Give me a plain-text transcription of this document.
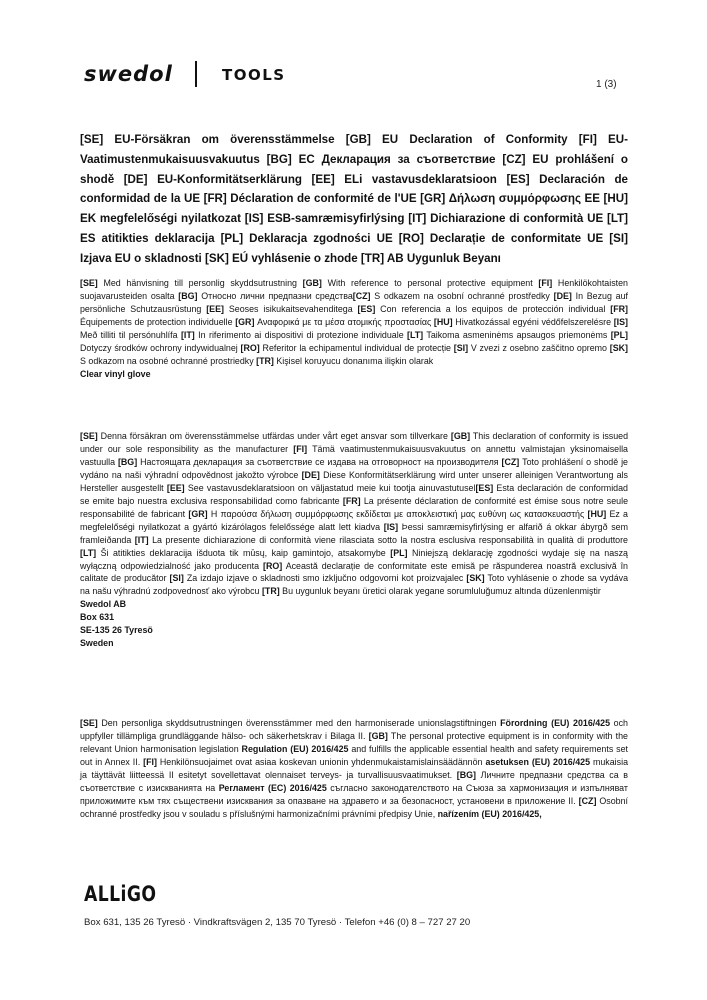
swedol	TOOLS
1 (3)
[SE] EU-Försäkran om överensstämmelse [GB] EU Declaration of Conformity [FI] EU-Vaatimustenmukaisuusvakuutus [BG] ЕС Декларация за съответствие [CZ] EU prohlášení o shodě [DE] EU-Konformitätserklärung [EE] ELi vastavusdeklaratsioon [ES] Declaración de conformidad de la UE [FR] Déclaration de conformité de l'UE [GR] Δήλωση συμμόρφωσης ΕΕ [HU] EK megfelelőségi nyilatkozat [IS] ESB-samræmisyfirlýsing [IT] Dichiarazione di conformità UE [LT] ES atitikties deklaracija [PL] Deklaracja zgodności UE [RO] Declarație de conformitate UE [SI] Izjava EU o skladnosti [SK] EÚ vyhlásenie o zhode [TR] AB Uygunluk Beyanı
[SE] Med hänvisning till personlig skyddsutrustning [GB] With reference to personal protective equipment [FI] Henkilökohtaisten suojavarusteiden osalta [BG] Относно лични предпазни средства[CZ] S odkazem na osobní ochranné prostředky [DE] In Bezug auf persönliche Schutzausrüstung [EE] Seoses isikukaitsevahenditega [ES] Con referencia a los equipos de protección individual [FR] Équipements de protection individuelle [GR] Αναφορικά με τα μέσα ατομικής προστασίας [HU] Hivatkozással egyéni védőfelszerelésre [IS] Með tilliti til persónuhlífa [IT] In riferimento ai dispositivi di protezione individuale [LT] Taikoma asmeninėms apsaugos priemonėms [PL] Dotyczy środków ochrony indywidualnej [RO] Referitor la echipamentul individual de protecție [SI] V zvezi z osebno zaščitno opremo [SK] S odkazom na osobné ochranné prostriedky [TR] Kişisel koruyucu donanıma ilişkin olarak
Clear vinyl glove
[SE] Denna försäkran om överensstämmelse utfärdas under vårt eget ansvar som tillverkare [GB] This declaration of conformity is issued under our sole responsibility as the manufacturer [FI] Tämä vaatimustenmukaisuusvakuutus on annettu valmistajan yksinomaisella vastuulla [BG] Настоящата декларация за съответствие се издава на отговорност на производителя [CZ] Toto prohlášení o shodě je vydáno na naši výhradní odpovědnost jakožto výrobce [DE] Diese Konformitätserklärung wird unter unserer alleinigen Verantwortung als Hersteller ausgestellt [EE] See vastavusdeklaratsioon on väljastatud meie kui tootja ainuvastutusel[ES] Esta declaración de conformidad se emite bajo nuestra exclusiva responsabilidad como fabricante [FR] La présente déclaration de conformité est émise sous notre seule responsabilité de fabricant [GR] Η παρούσα δήλωση συμμόρφωσης εκδίδεται με αποκλειστική μας ευθύνη ως κατασκευαστής [HU] Ez a megfelelőségi nyilatkozat a gyártó kizárólagos felelőssége alatt lett kiadva [IS] Þessi samræmisyfirlýsing er alfarið á okkar ábyrgð sem framleiðanda [IT] La presente dichiarazione di conformità viene rilasciata sotto la nostra esclusiva responsabilità in qualità di produttore [LT] Ši atitikties deklaracija išduota tik mūsų, kaip gamintojo, atsakomybe [PL] Niniejszą deklarację zgodności wydaje się na naszą wyłączną odpowiedzialność jako producenta [RO] Această declarație de conformitate este emisă pe răspunderea noastră exclusivă în calitate de producător [SI] Za izdajo izjave o skladnosti smo izključno odgovorni kot proizvajalec [SK] Toto vyhlásenie o zhode sa vydáva na našu výhradnú zodpovednosť ako výrobcu [TR] Bu uygunluk beyanı üretici olarak yegane sorumluluğumuz altında düzenlenmiştir
Swedol AB
Box 631
SE-135 26 Tyresö
Sweden
[SE] Den personliga skyddsutrustningen överensstämmer med den harmoniserade unionslagstiftningen Förordning (EU) 2016/425 och uppfyller tillämpliga grundläggande hälso- och säkerhetskrav i Bilaga II. [GB] The personal protective equipment is in conformity with the relevant Union harmonisation legislation Regulation (EU) 2016/425 and fulfills the applicable essential health and safety requirements set out in Annex II. [FI] Henkilönsuojaimet ovat asiaa koskevan unionin yhdenmukaistamislainsäädännön asetuksen (EU) 2016/425 mukaisia ja täyttävät liitteessä II esitetyt sovellettavat olennaiset terveys- ja turvallisuusvaatimukset. [BG] Личните предпазни средства са в съответствие с изискванията на Регламент (ЕС) 2016/425 съгласно законодателството на Съюза за хармонизация и изпълняват приложимите към тях съществени изисквания за опазване на здравето и за безопасност, установени в приложение II. [CZ] Osobní ochranné prostředky jsou v souladu s příslušnými harmonizačními právními předpisy Unie, nařízením (EU) 2016/425,
ALLiGO
Box 631, 135 26 Tyresö · Vindkraftsvägen 2, 135 70 Tyresö · Telefon +46 (0) 8 – 727 27 20
